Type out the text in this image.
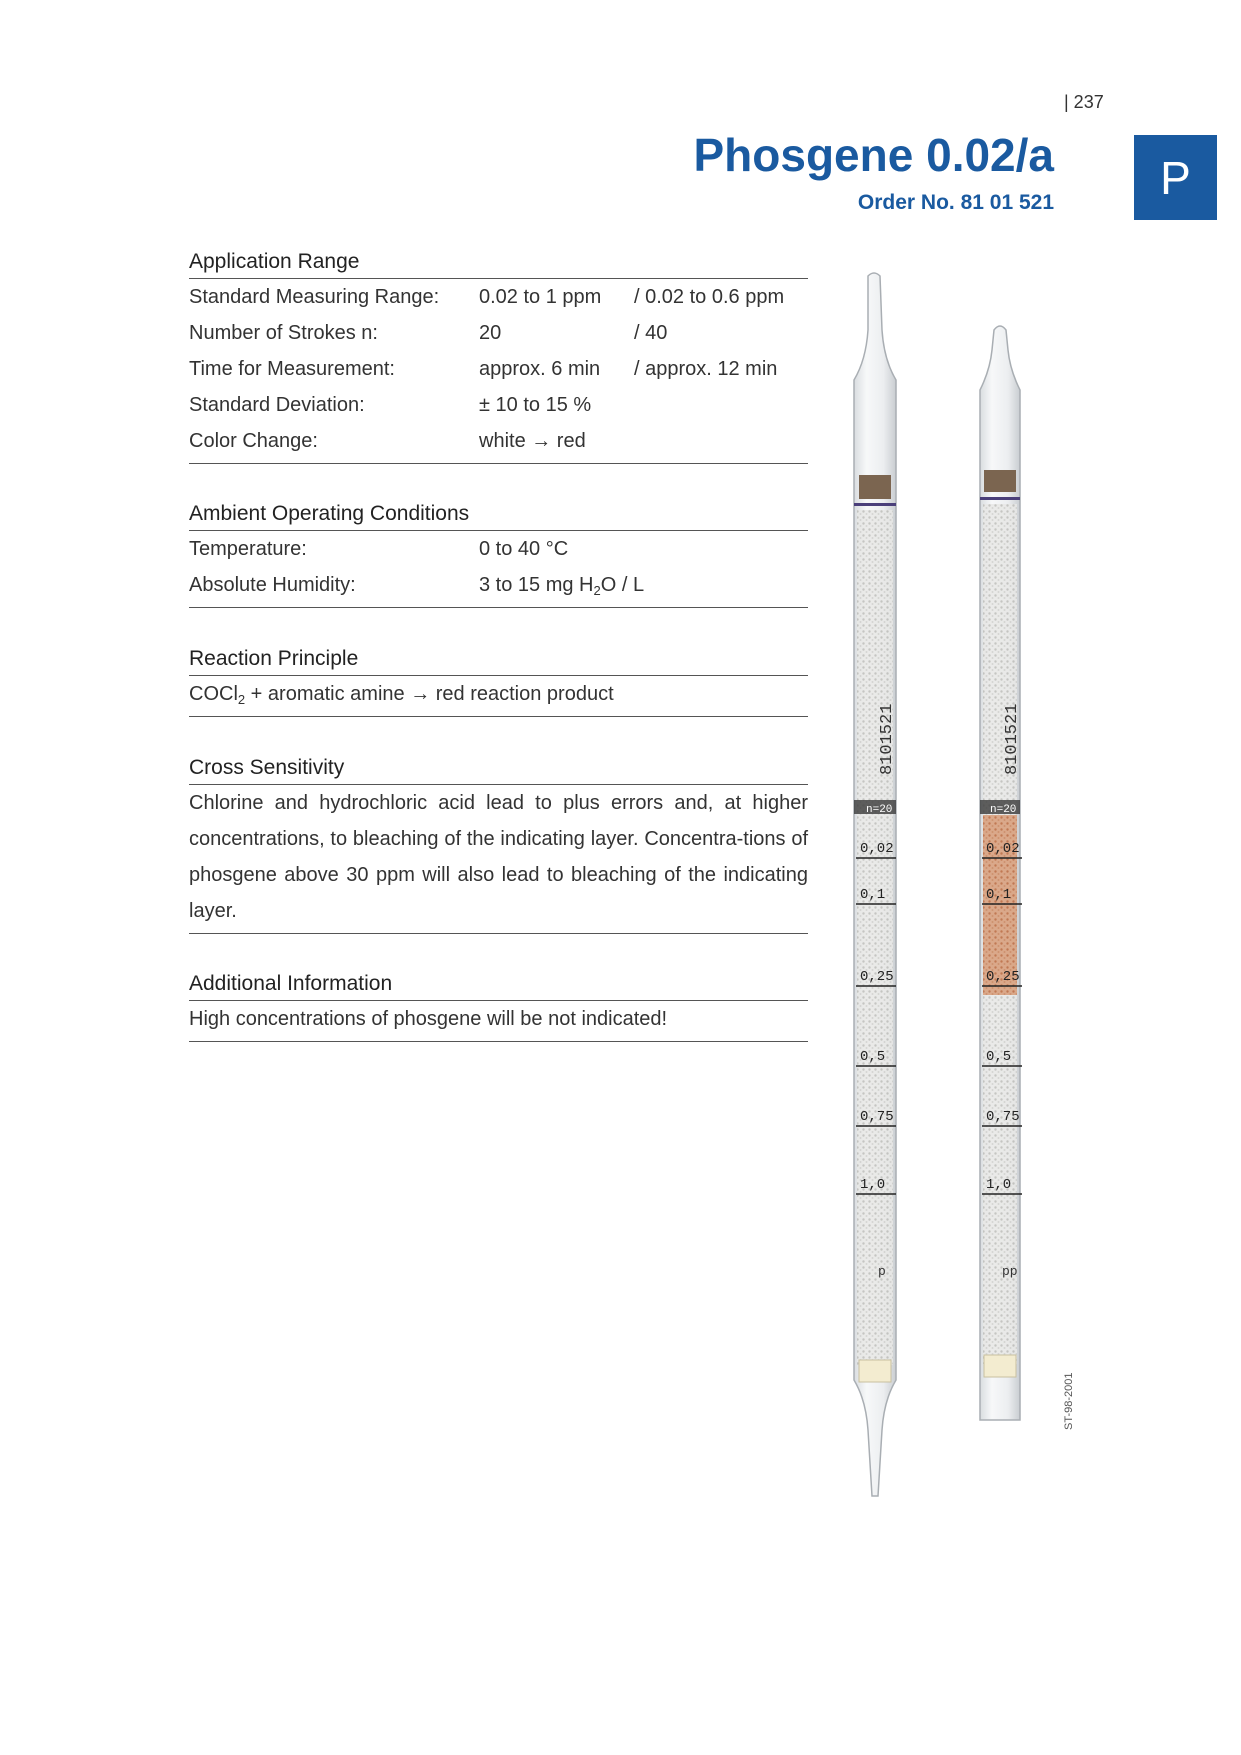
| 237
Phosgene 0.02/a
Order No. 81 01 521	P
Application Range
Standard Measuring Range: 0.02 to 1 ppm / 0.02 to 0.6 ppm
Number of Strokes n:	20	/ 40
Time for Measurement:	approx. 6 min / approx. 12 min
Standard Deviation:	± 10 to 15 %
Color Change:	white → red
Ambient Operating Conditions
Temperature:	0 to 40 °C
Absolute Humidity:	3 to 15 mg $H_2O$ / L
Reaction Principle
COCl$_2$ + aromatic amine → red reaction product
Cross Sensitivity
Chlorine and hydrochloric acid lead to plus errors and, at higher concentrations, to bleaching of the indicating layer. Concentra-tions of phosgene above 30 ppm will also lead to bleaching of the indicating layer.
Additional Information
High concentrations of phosgene will be not indicated!
8101521	8101521
n=20	n=20
0,02
0,1
0,25
0,5
0,75
1,0
0,02
0,1
0,25
0,5
0,75
1,0
p	pp
ST-98-2001
